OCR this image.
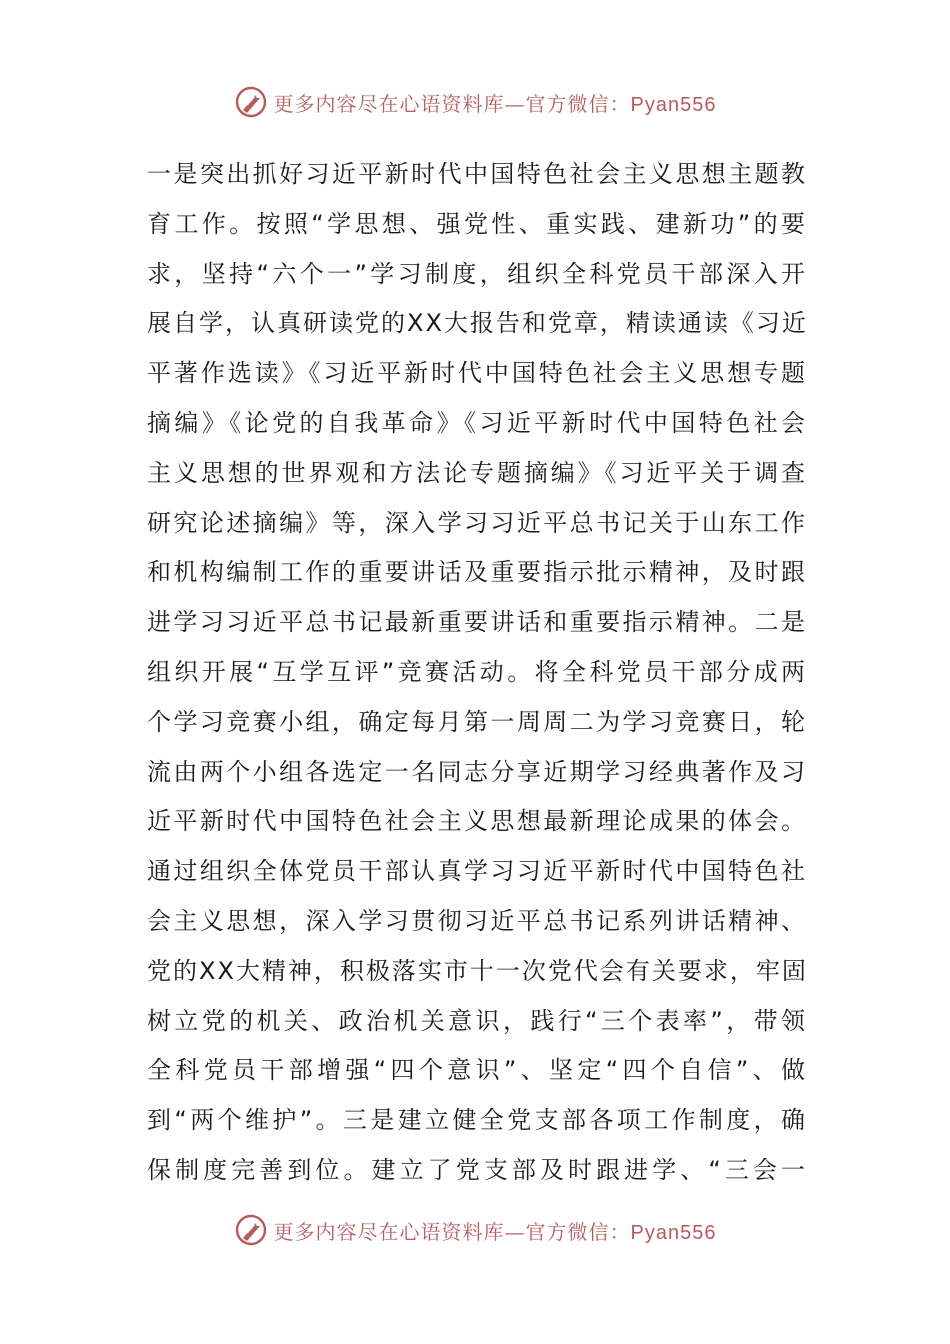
更多内容尽在心语资料库—官方微信：Pyan556
一是突出抓好习近平新时代中国特色社会主义思想主题教
育工作。按照“学思想、强党性、重实践、建新功”的要
求，坚持“六个一”学习制度，组织全科党员干部深入开
展自学，认真研读党的XX大报告和党章，精读通读《习近
平著作选读》《习近平新时代中国特色社会主义思想专题
摘编》《论党的自我革命》《习近平新时代中国特色社会
主义思想的世界观和方法论专题摘编》《习近平关于调查
研究论述摘编》等，深入学习习近平总书记关于山东工作
和机构编制工作的重要讲话及重要指示批示精神，及时跟
进学习习近平总书记最新重要讲话和重要指示精神。二是
组织开展“互学互评”竞赛活动。将全科党员干部分成两
个学习竞赛小组，确定每月第一周周二为学习竞赛日，轮
流由两个小组各选定一名同志分享近期学习经典著作及习
近平新时代中国特色社会主义思想最新理论成果的体会。
通过组织全体党员干部认真学习习近平新时代中国特色社
会主义思想，深入学习贯彻习近平总书记系列讲话精神、
党的XX大精神，积极落实市十一次党代会有关要求，牢固
树立党的机关、政治机关意识，践行“三个表率”，带领
全科党员干部增强“四个意识”、坚定“四个自信”、做
到“两个维护”。三是建立健全党支部各项工作制度，确
保制度完善到位。建立了党支部及时跟进学、“三会一
更多内容尽在心语资料库—官方微信：Pyan556
